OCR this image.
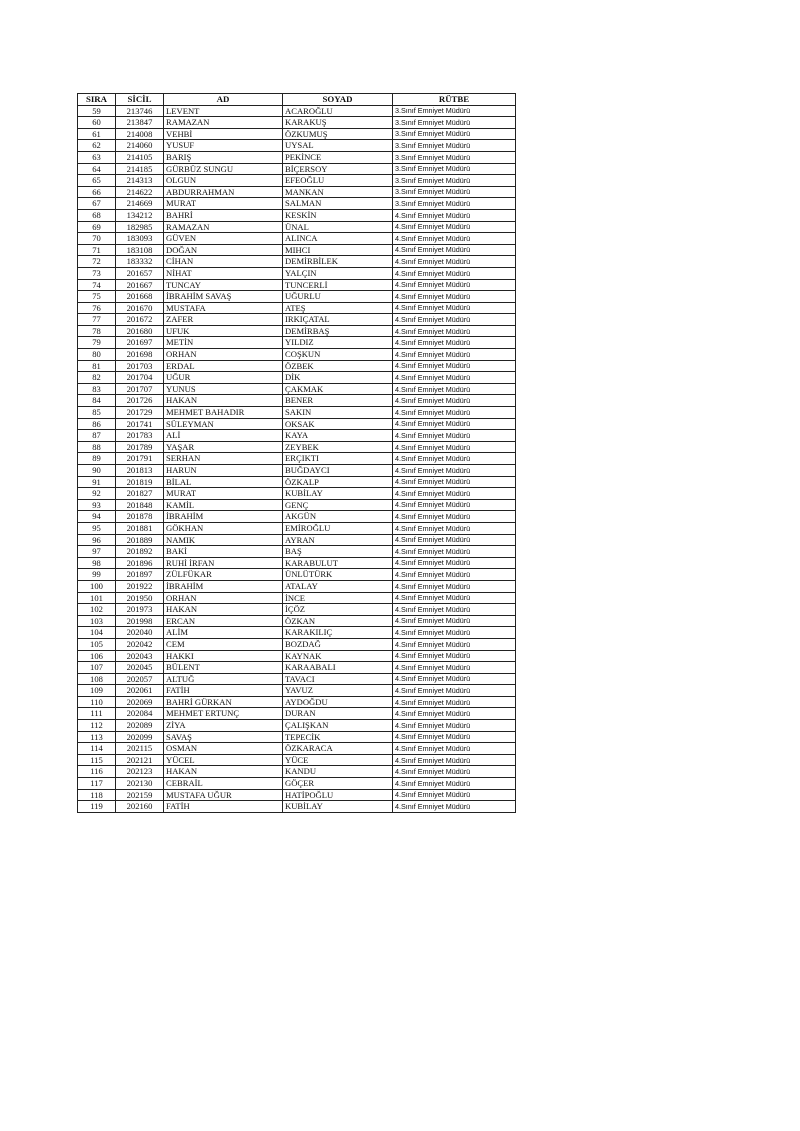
SIRA	SİCİL	AD	SOYAD	RÜTBE
59	213746	LEVENT	ACAROĞLU	3.Sınıf Emniyet Müdürü
60	213847	RAMAZAN	KARAKUŞ	3.Sınıf Emniyet Müdürü
61	214008	VEHBİ	ÖZKUMUŞ	3.Sınıf Emniyet Müdürü
62	214060	YUSUF	UYSAL	3.Sınıf Emniyet Müdürü
63	214105	BARIŞ	PEKİNCE	3.Sınıf Emniyet Müdürü
64	214185	GÜRBÜZ SUNGU	BİÇERSOY	3.Sınıf Emniyet Müdürü
65	214313	OLGUN	EFEOĞLU	3.Sınıf Emniyet Müdürü
66	214622	ABDURRAHMAN	MANKAN	3.Sınıf Emniyet Müdürü
67	214669	MURAT	SALMAN	3.Sınıf Emniyet Müdürü
68	134212	BAHRİ	KESKİN	4.Sınıf Emniyet Müdürü
69	182985	RAMAZAN	ÜNAL	4.Sınıf Emniyet Müdürü
70	183093	GÜVEN	ALINCA	4.Sınıf Emniyet Müdürü
71	183108	DOĞAN	MIHCI	4.Sınıf Emniyet Müdürü
72	183332	CİHAN	DEMİRBİLEK	4.Sınıf Emniyet Müdürü
73	201657	NİHAT	YALÇIN	4.Sınıf Emniyet Müdürü
74	201667	TUNCAY	TUNCERLİ	4.Sınıf Emniyet Müdürü
75	201668	İBRAHİM SAVAŞ	UĞURLU	4.Sınıf Emniyet Müdürü
76	201670	MUSTAFA	ATEŞ	4.Sınıf Emniyet Müdürü
77	201672	ZAFER	IRKIÇATAL	4.Sınıf Emniyet Müdürü
78	201680	UFUK	DEMİRBAŞ	4.Sınıf Emniyet Müdürü
79	201697	METİN	YILDIZ	4.Sınıf Emniyet Müdürü
80	201698	ORHAN	COŞKUN	4.Sınıf Emniyet Müdürü
81	201703	ERDAL	ÖZBEK	4.Sınıf Emniyet Müdürü
82	201704	UĞUR	DİK	4.Sınıf Emniyet Müdürü
83	201707	YUNUS	ÇAKMAK	4.Sınıf Emniyet Müdürü
84	201726	HAKAN	BENER	4.Sınıf Emniyet Müdürü
85	201729	MEHMET BAHADIR	SAKIN	4.Sınıf Emniyet Müdürü
86	201741	SÜLEYMAN	OKSAK	4.Sınıf Emniyet Müdürü
87	201783	ALİ	KAYA	4.Sınıf Emniyet Müdürü
88	201789	YAŞAR	ZEYBEK	4.Sınıf Emniyet Müdürü
89	201791	SERHAN	ERÇIKTI	4.Sınıf Emniyet Müdürü
90	201813	HARUN	BUĞDAYCI	4.Sınıf Emniyet Müdürü
91	201819	BİLAL	ÖZKALP	4.Sınıf Emniyet Müdürü
92	201827	MURAT	KUBİLAY	4.Sınıf Emniyet Müdürü
93	201848	KAMİL	GENÇ	4.Sınıf Emniyet Müdürü
94	201878	İBRAHİM	AKGÜN	4.Sınıf Emniyet Müdürü
95	201881	GÖKHAN	EMİROĞLU	4.Sınıf Emniyet Müdürü
96	201889	NAMIK	AYRAN	4.Sınıf Emniyet Müdürü
97	201892	BAKİ	BAŞ	4.Sınıf Emniyet Müdürü
98	201896	RUHİ İRFAN	KARABULUT	4.Sınıf Emniyet Müdürü
99	201897	ZÜLFÜKAR	ÜNLÜTÜRK	4.Sınıf Emniyet Müdürü
100	201922	İBRAHİM	ATALAY	4.Sınıf Emniyet Müdürü
101	201950	ORHAN	İNCE	4.Sınıf Emniyet Müdürü
102	201973	HAKAN	İÇÖZ	4.Sınıf Emniyet Müdürü
103	201998	ERCAN	ÖZKAN	4.Sınıf Emniyet Müdürü
104	202040	ALİM	KARAKILIÇ	4.Sınıf Emniyet Müdürü
105	202042	CEM	BOZDAĞ	4.Sınıf Emniyet Müdürü
106	202043	HAKKI	KAYNAK	4.Sınıf Emniyet Müdürü
107	202045	BÜLENT	KARAABALI	4.Sınıf Emniyet Müdürü
108	202057	ALTUĞ	TAVACI	4.Sınıf Emniyet Müdürü
109	202061	FATİH	YAVUZ	4.Sınıf Emniyet Müdürü
110	202069	BAHRİ GÜRKAN	AYDOĞDU	4.Sınıf Emniyet Müdürü
111	202084	MEHMET ERTUNÇ	DURAN	4.Sınıf Emniyet Müdürü
112	202089	ZİYA	ÇALIŞKAN	4.Sınıf Emniyet Müdürü
113	202099	SAVAŞ	TEPECİK	4.Sınıf Emniyet Müdürü
114	202115	OSMAN	ÖZKARACA	4.Sınıf Emniyet Müdürü
115	202121	YÜCEL	YÜCE	4.Sınıf Emniyet Müdürü
116	202123	HAKAN	KANDU	4.Sınıf Emniyet Müdürü
117	202130	CEBRAİL	GÖÇER	4.Sınıf Emniyet Müdürü
118	202159	MUSTAFA UĞUR	HATİPOĞLU	4.Sınıf Emniyet Müdürü
119	202160	FATİH	KUBİLAY	4.Sınıf Emniyet Müdürü
